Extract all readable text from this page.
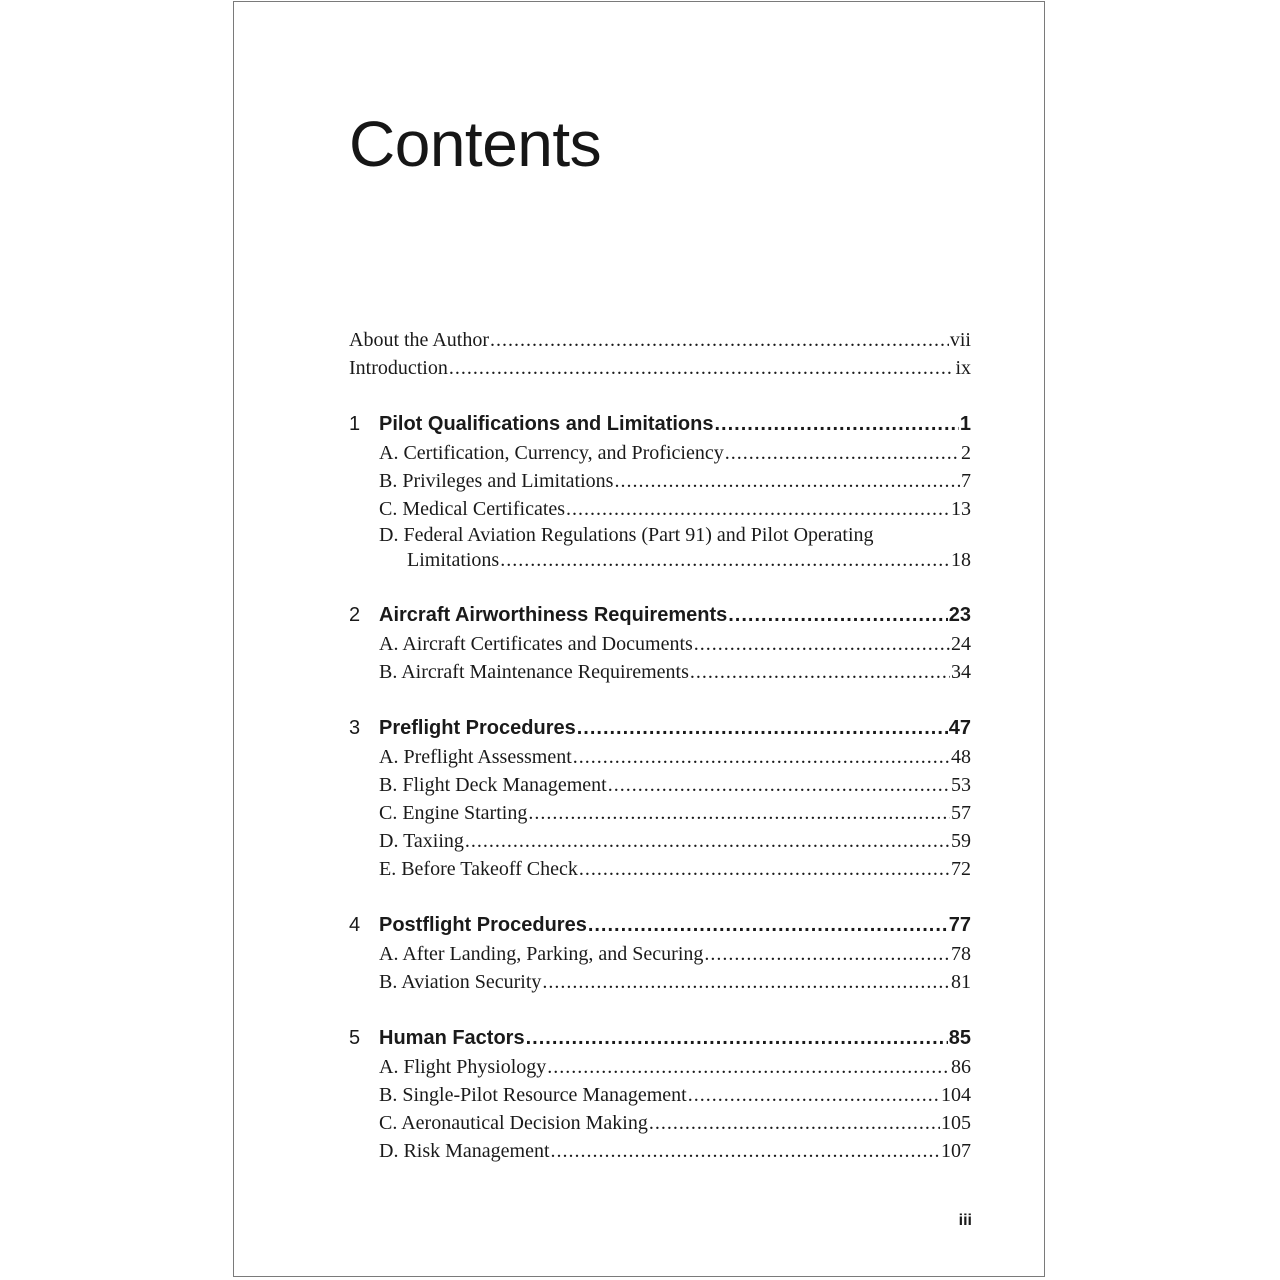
Contents
About the Author .....	vii
Introduction .....	ix
1 Pilot Qualifications and Limitations .....	1
A. Certification, Currency, and Proficiency .....	2
B. Privileges and Limitations .....	7
C. Medical Certificates .....	13
D. Federal Aviation Regulations (Part 91) and Pilot Operating
Limitations .....	18
2 Aircraft Airworthiness Requirements .....	23
A. Aircraft Certificates and Documents .....	24
B. Aircraft Maintenance Requirements .....	34
3 Preflight Procedures .....	47
A. Preflight Assessment .....	48
B. Flight Deck Management .....	53
C. Engine Starting .....	57
D. Taxiing .....	59
E. Before Takeoff Check .....	72
4 Postflight Procedures .....	77
A. After Landing, Parking, and Securing .....	78
B. Aviation Security .....	81
5 Human Factors .....	85
A. Flight Physiology .....	86
B. Single-Pilot Resource Management .....	104
C. Aeronautical Decision Making .....	105
D. Risk Management .....	107
iii
